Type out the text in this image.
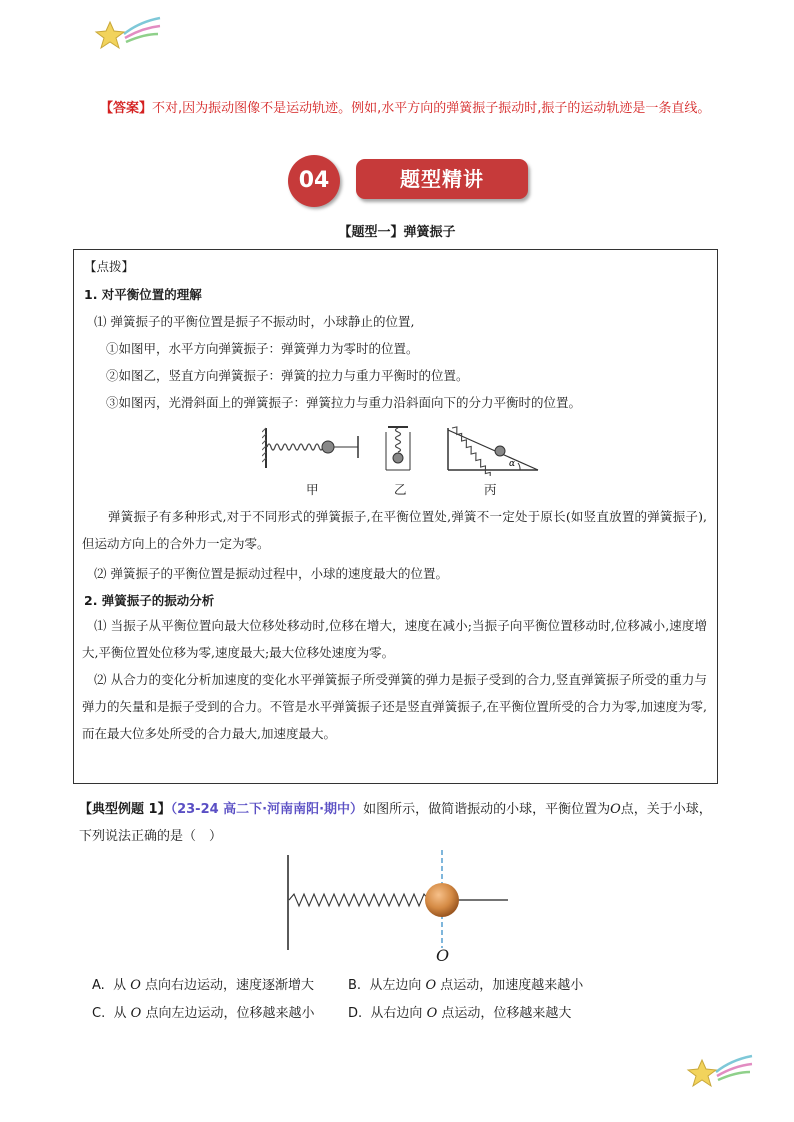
【答案】不对,因为振动图像不是运动轨迹。例如,水平方向的弹簧振子振动时,振子的运动轨迹是一条直线。
04	题型精讲
【题型一】弹簧振子
【点拨】
1. 对平衡位置的理解
⑴ 弹簧振子的平衡位置是振子不振动时，小球静止的位置,
①如图甲，水平方向弹簧振子：弹簧弹力为零时的位置。
②如图乙，竖直方向弹簧振子：弹簧的拉力与重力平衡时的位置。
③如图丙，光滑斜面上的弹簧振子：弹簧拉力与重力沿斜面向下的分力平衡时的位置。
α
甲	乙	丙
弹簧振子有多种形式,对于不同形式的弹簧振子,在平衡位置处,弹簧不一定处于原长(如竖直放置的弹簧振子),但运动方向上的合外力一定为零。
⑵ 弹簧振子的平衡位置是振动过程中，小球的速度最大的位置。
2. 弹簧振子的振动分析
⑴ 当振子从平衡位置向最大位移处移动时,位移在增大，速度在减小;当振子向平衡位置移动时,位移减小,速度增大,平衡位置处位移为零,速度最大;最大位移处速度为零。
⑵ 从合力的变化分析加速度的变化水平弹簧振子所受弹簧的弹力是振子受到的合力,竖直弹簧振子所受的重力与弹力的矢量和是振子受到的合力。不管是水平弹簧振子还是竖直弹簧振子,在平衡位置所受的合力为零,加速度为零,而在最大位多处所受的合力最大,加速度最大。
【典型例题 1】（23-24 高二下·河南南阳·期中）如图所示，做简谐振动的小球，平衡位置为O点，关于小球，下列说法正确的是（　）
O
A. 从 O 点向右边运动，速度逐渐增大	B. 从左边向 O 点运动，加速度越来越小
C. 从 O 点向左边运动，位移越来越小	D. 从右边向 O 点运动，位移越来越大
